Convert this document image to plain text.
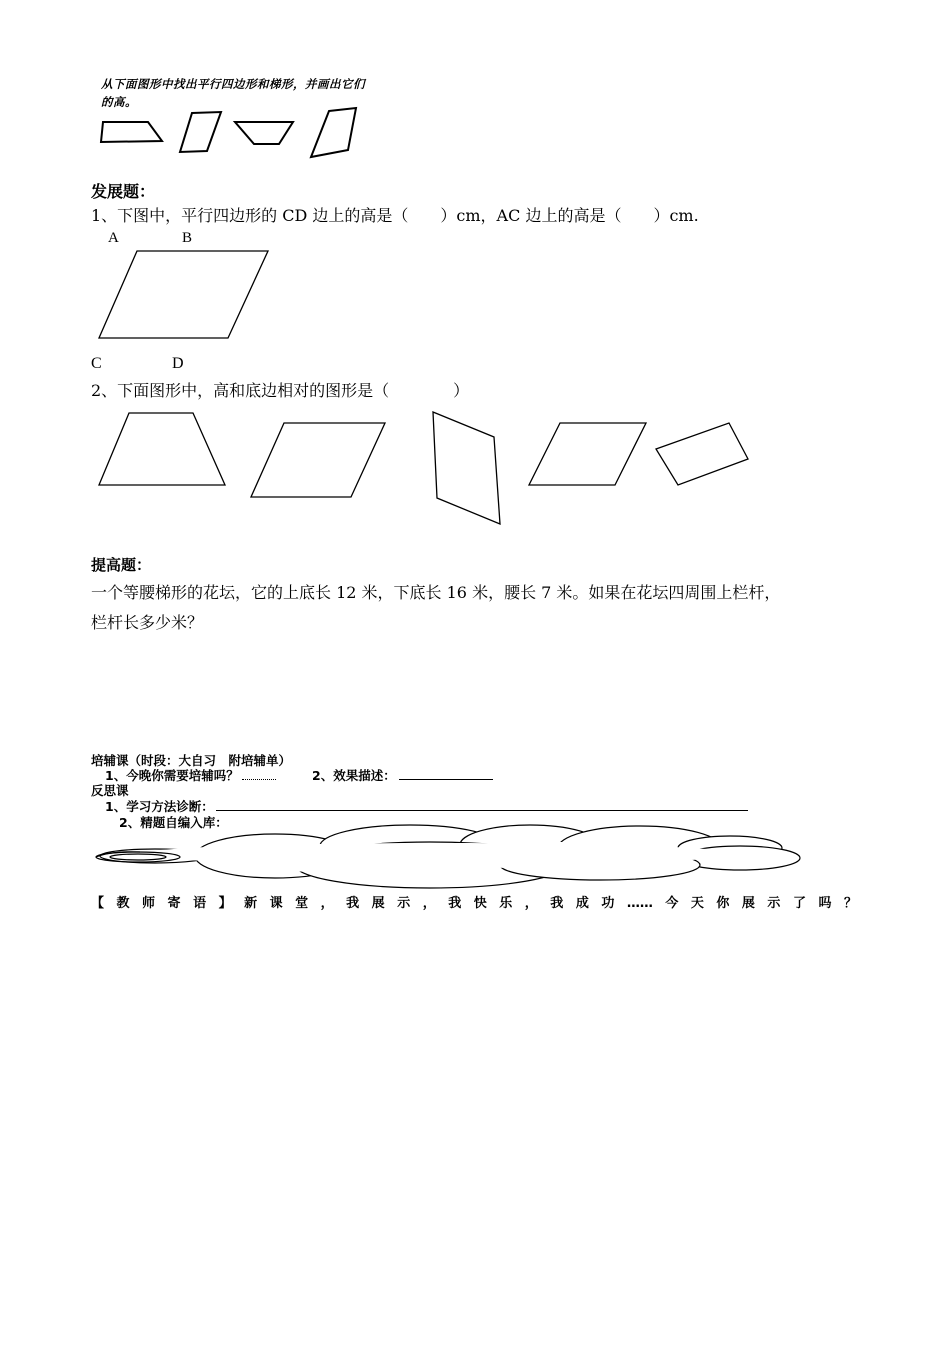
从下面图形中找出平行四边形和梯形，并画出它们
的高。
发展题：
1、下图中，平行四边形的 CD 边上的高是（　　）cm，AC 边上的高是（　　）cm.
A	B
C	D
2、下面图形中，高和底边相对的图形是（　　　　）
提高题：
一个等腰梯形的花坛，它的上底长 12 米，下底长 16 米，腰长 7 米。如果在花坛四周围上栏杆，
栏杆长多少米？
培辅课（时段：大自习　附培辅单）
1、今晚你需要培辅吗？	2、效果描述：
反思课
1、学习方法诊断：
2、精题自编入库：
【教师寄语】新课堂，我展示，我快乐，我成功……今天你展示了吗？
